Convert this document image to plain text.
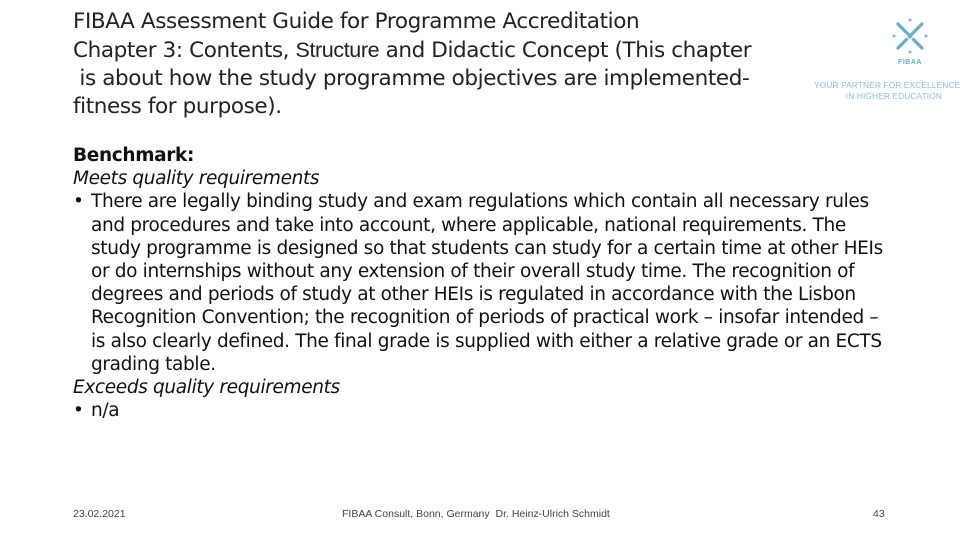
FIBAA Assessment Guide for Programme Accreditation
Chapter 3: Contents, Structure and Didactic Concept (This chapter
is about how the study programme objectives are implemented-
fitness for purpose).
FIBAA
YOUR PARTNER FOR EXCELLENCE
IN HIGHER EDUCATION

Benchmark:

Meets quality requirements

• There are legally binding study and exam regulations which contain all necessary rules and procedures and take into account, where applicable, national requirements. The study programme is designed so that students can study for a certain time at other HEIs or do internships without any extension of their overall study time. The recognition of degrees and periods of study at other HEIs is regulated in accordance with the Lisbon Recognition Convention; the recognition of periods of practical work – insofar intended – is also clearly defined. The final grade is supplied with either a relative grade or an ECTS grading table.

Exceeds quality requirements

• n/a
23.02.2021	FIBAA Consult, Bonn, Germany  Dr. Heinz-Ulrich Schmidt	43
